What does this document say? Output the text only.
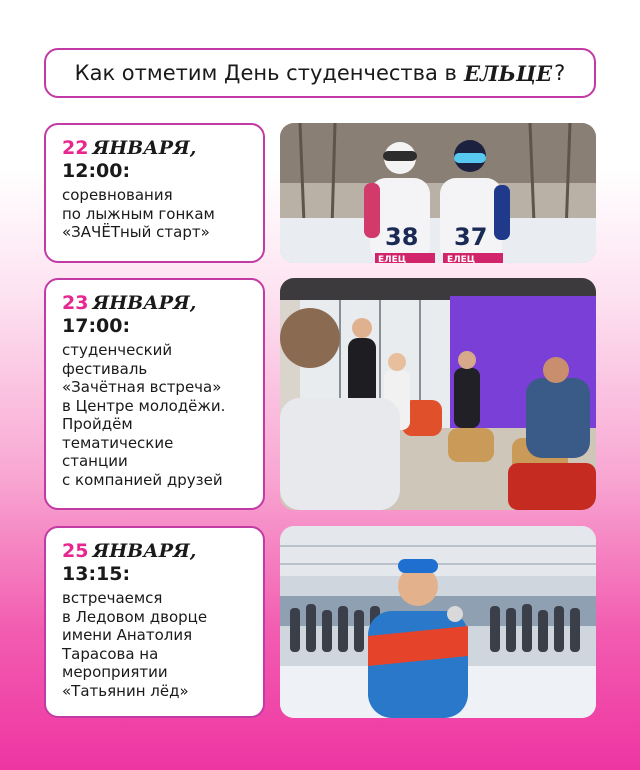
Как отметим День студенчества в ЕЛЬЦЕ ?
22 ЯНВАРЯ,
12:00:
соревнования
по лыжным гонкам
«ЗАЧЁТный старт»	38
ЕЛЕЦ
37
ЕЛЕЦ
23 ЯНВАРЯ,
17:00:
студенческий
фестиваль
«Зачётная встреча»
в Центре молодёжи.
Пройдём
тематические
станции
с компанией друзей
25 ЯНВАРЯ,
13:15:
встречаемся
в Ледовом дворце
имени Анатолия
Тарасова на
мероприятии
«Татьянин лёд»
